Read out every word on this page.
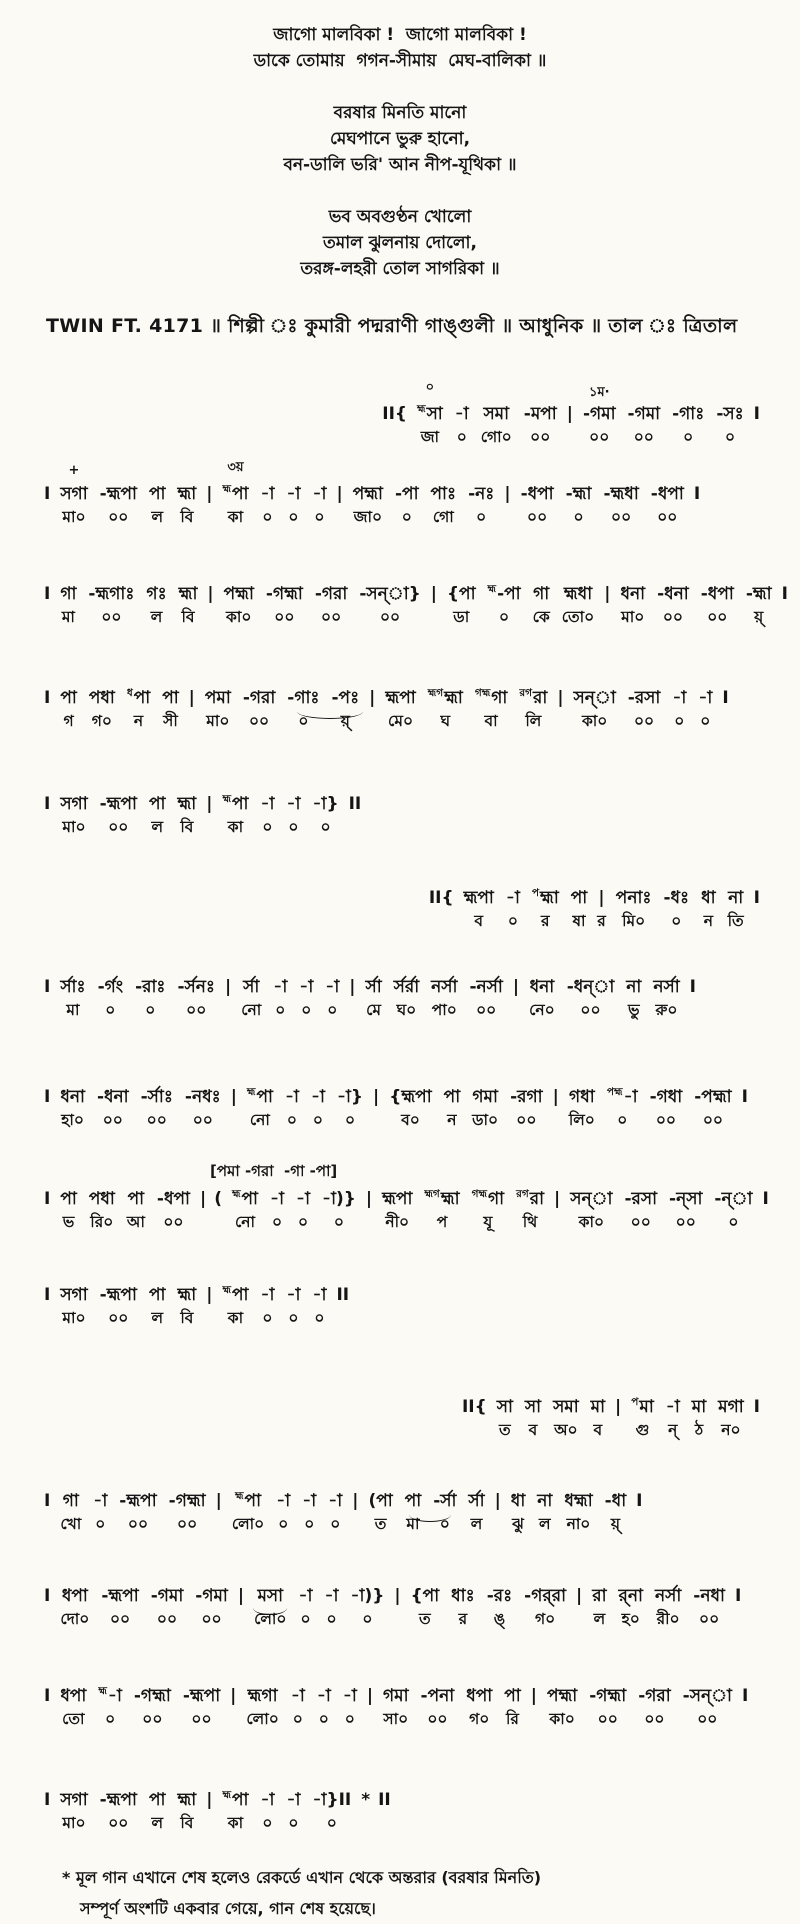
জাগো মালবিকা !  জাগো মালবিকা !
ডাকে তোমায়  গগন-সীমায়  মেঘ-বালিকা ॥
বরষার মিনতি মানো
মেঘপানে ভুরু হানো,
বন-ডালি ভরি' আন নীপ-যূথিকা ॥
ভব অবগুণ্ঠন খোলো
তমাল ঝুলনায় দোলো,
তরঙ্গ-লহরী তোল সাগরিকা ॥
TWIN FT. 4171 ॥ শিল্পী ঃ কুমারী পদ্মরাণী গাঙ্গুলী ॥ আধুনিক ॥ তাল ঃ ত্রিতাল
II{
০
$^{হ্ম}$সা
জা
-া
০
সমা
গো০
-মপা
০০
|
১ম·
-গমা
০০
-গমা
০০
-গাঃ
০
-সঃ
০
I
I
+
সগা
মা০
-হ্মপা
০০
পা
ল
হ্মা
বি
|
৩য়
$^{হ্ম}$পা
কা
-া
০
-া
০
-া
০
| পহ্মা
জা০
-পা
০
পাঃ
গো
-নঃ
০
| -ধপা
০০
-হ্মা
০
-হ্মধা
০০
-ধপা
০০
I
I গা
মা
-হ্মগাঃ
০০
গঃ
ল
হ্মা
বি
| পহ্মা
কা০
-গহ্মা
০০
-গরা
০০
-সন্‌া}
০০
| {পা
ডা
$^{হ্ম}$-পা
০
গা
কে
হ্মধা
তো০
| ধনা
মা০
-ধনা
০০
-ধপা
০০
-হ্মা
য়্
I
I পা
গ
পধা
গ০
$^ধ$পা
ন
পা
সী
| পমা
মা০
-গরা
০০
-গাঃ
০
-পঃ
য়্
| হ্মপা
মে০
$^{হ্মগ}$হ্মা
ঘ
$^{গহ্ম}$গা
বা
$^{রগ}$রা
লি
| সন্‌া
কা০
-রসা
০০
-া
০
-া
০
I
I সগা
মা০
-হ্মপা
০০
পা
ল
হ্মা
বি
| $^{হ্ম}$পা
কা
-া
০
-া
০
-া}
০
II
II{ হ্মপা
ব
-া
০
$^প$হ্মা
র
পা
ষা
|
র
পনাঃ
মি০
-ধঃ
০
ধা
ন
না
তি
I
I র্সাঃ
মা
-র্গং
০
-রাঃ
০
-র্সনঃ
০০
| র্সা
নো
-া
০
-া
০
-া
০
| র্সা
মে
র্সর্রা
ঘ০
নর্সা
পা০
-নর্সা
০০
| ধনা
নে০
-ধন্‌া
০০
না
ভু
নর্সা
রু০
I
I ধনা
হা০
-ধনা
০০
-র্সাঃ
০০
-নধঃ
০০
| $^{হ্ম}$পা
নো
-া
০
-া
০
-া}
০
| {হ্মপা
ব০
পা
ন
গমা
ডা০
-রগা
০০
| গধা
লি০
$^{পহ্ম}$-া
০
-গধা
০০
-পহ্মা
০০
I
[পমা -গরা  -গা -পা]
I পা
ভ
পধা
রি০
পা
আ
-ধপা
০০
| ( $^{হ্ম}$পা
নো
-া
০
-া
০
-া)}
০
| হ্মপা
নী০
$^{হ্মগ}$হ্মা
প
$^{গহ্ম}$গা
যূ
$^{রগ}$রা
থি
| সন্‌া
কা০
-রসা
০০
-ন্‌সা
০০
-ন্‌া
০
I
I সগা
মা০
-হ্মপা
০০
পা
ল
হ্মা
বি
| $^{হ্ম}$পা
কা
-া
০
-া
০
-া
০
II
II{ সা
ত
সা
ব
সমা
অ০
মা
ব
| $^প$মা
গু
-া
ন্
মা
ঠ
মগা
ন০
I
I গা
খো
-া
০
-হ্মপা
০০
-গহ্মা
০০
| $^{হ্ম}$পা
লো০
-া
০
-া
০
-া
০
| (পা
ত
পা
মা
-র্সা
০
র্সা
ল
| ধা
ঝু
না
ল
ধহ্মা
না০
-ধা
য়্
I
I ধপা
দো০
-হ্মপা
০০
-গমা
০০
-গমা
০০
| মসা
লো০
-া
০
-া
০
-া)}
০
| {পা
ত
ধাঃ
র
-রঃ
ঙ্‌
-গর্‌রা
গ০
| রা
ল
র্‌না
হ০
নর্সা
রী০
-নধা
০০
I
I ধপা
তো
$^{হ্ম}$-া
০
-গহ্মা
০০
-হ্মপা
০০
| হ্মগা
লো০
-া
০
-া
০
-া
০
| গমা
সা০
-পনা
০০
ধপা
গ০
পা
রি
| পহ্মা
কা০
-গহ্মা
০০
-গরা
০০
-সন্‌া
০০
I
I সগা
মা০
-হ্মপা
০০
পা
ল
হ্মা
বি
| $^{হ্ম}$পা
কা
-া
০
-া
০
-া}II
০
* II
* মূল গান এখানে শেষ হলেও রেকর্ডে এখান থেকে অন্তরার (বরষার মিনতি)
সম্পূর্ণ অংশটি একবার গেয়ে, গান শেষ হয়েছে।
